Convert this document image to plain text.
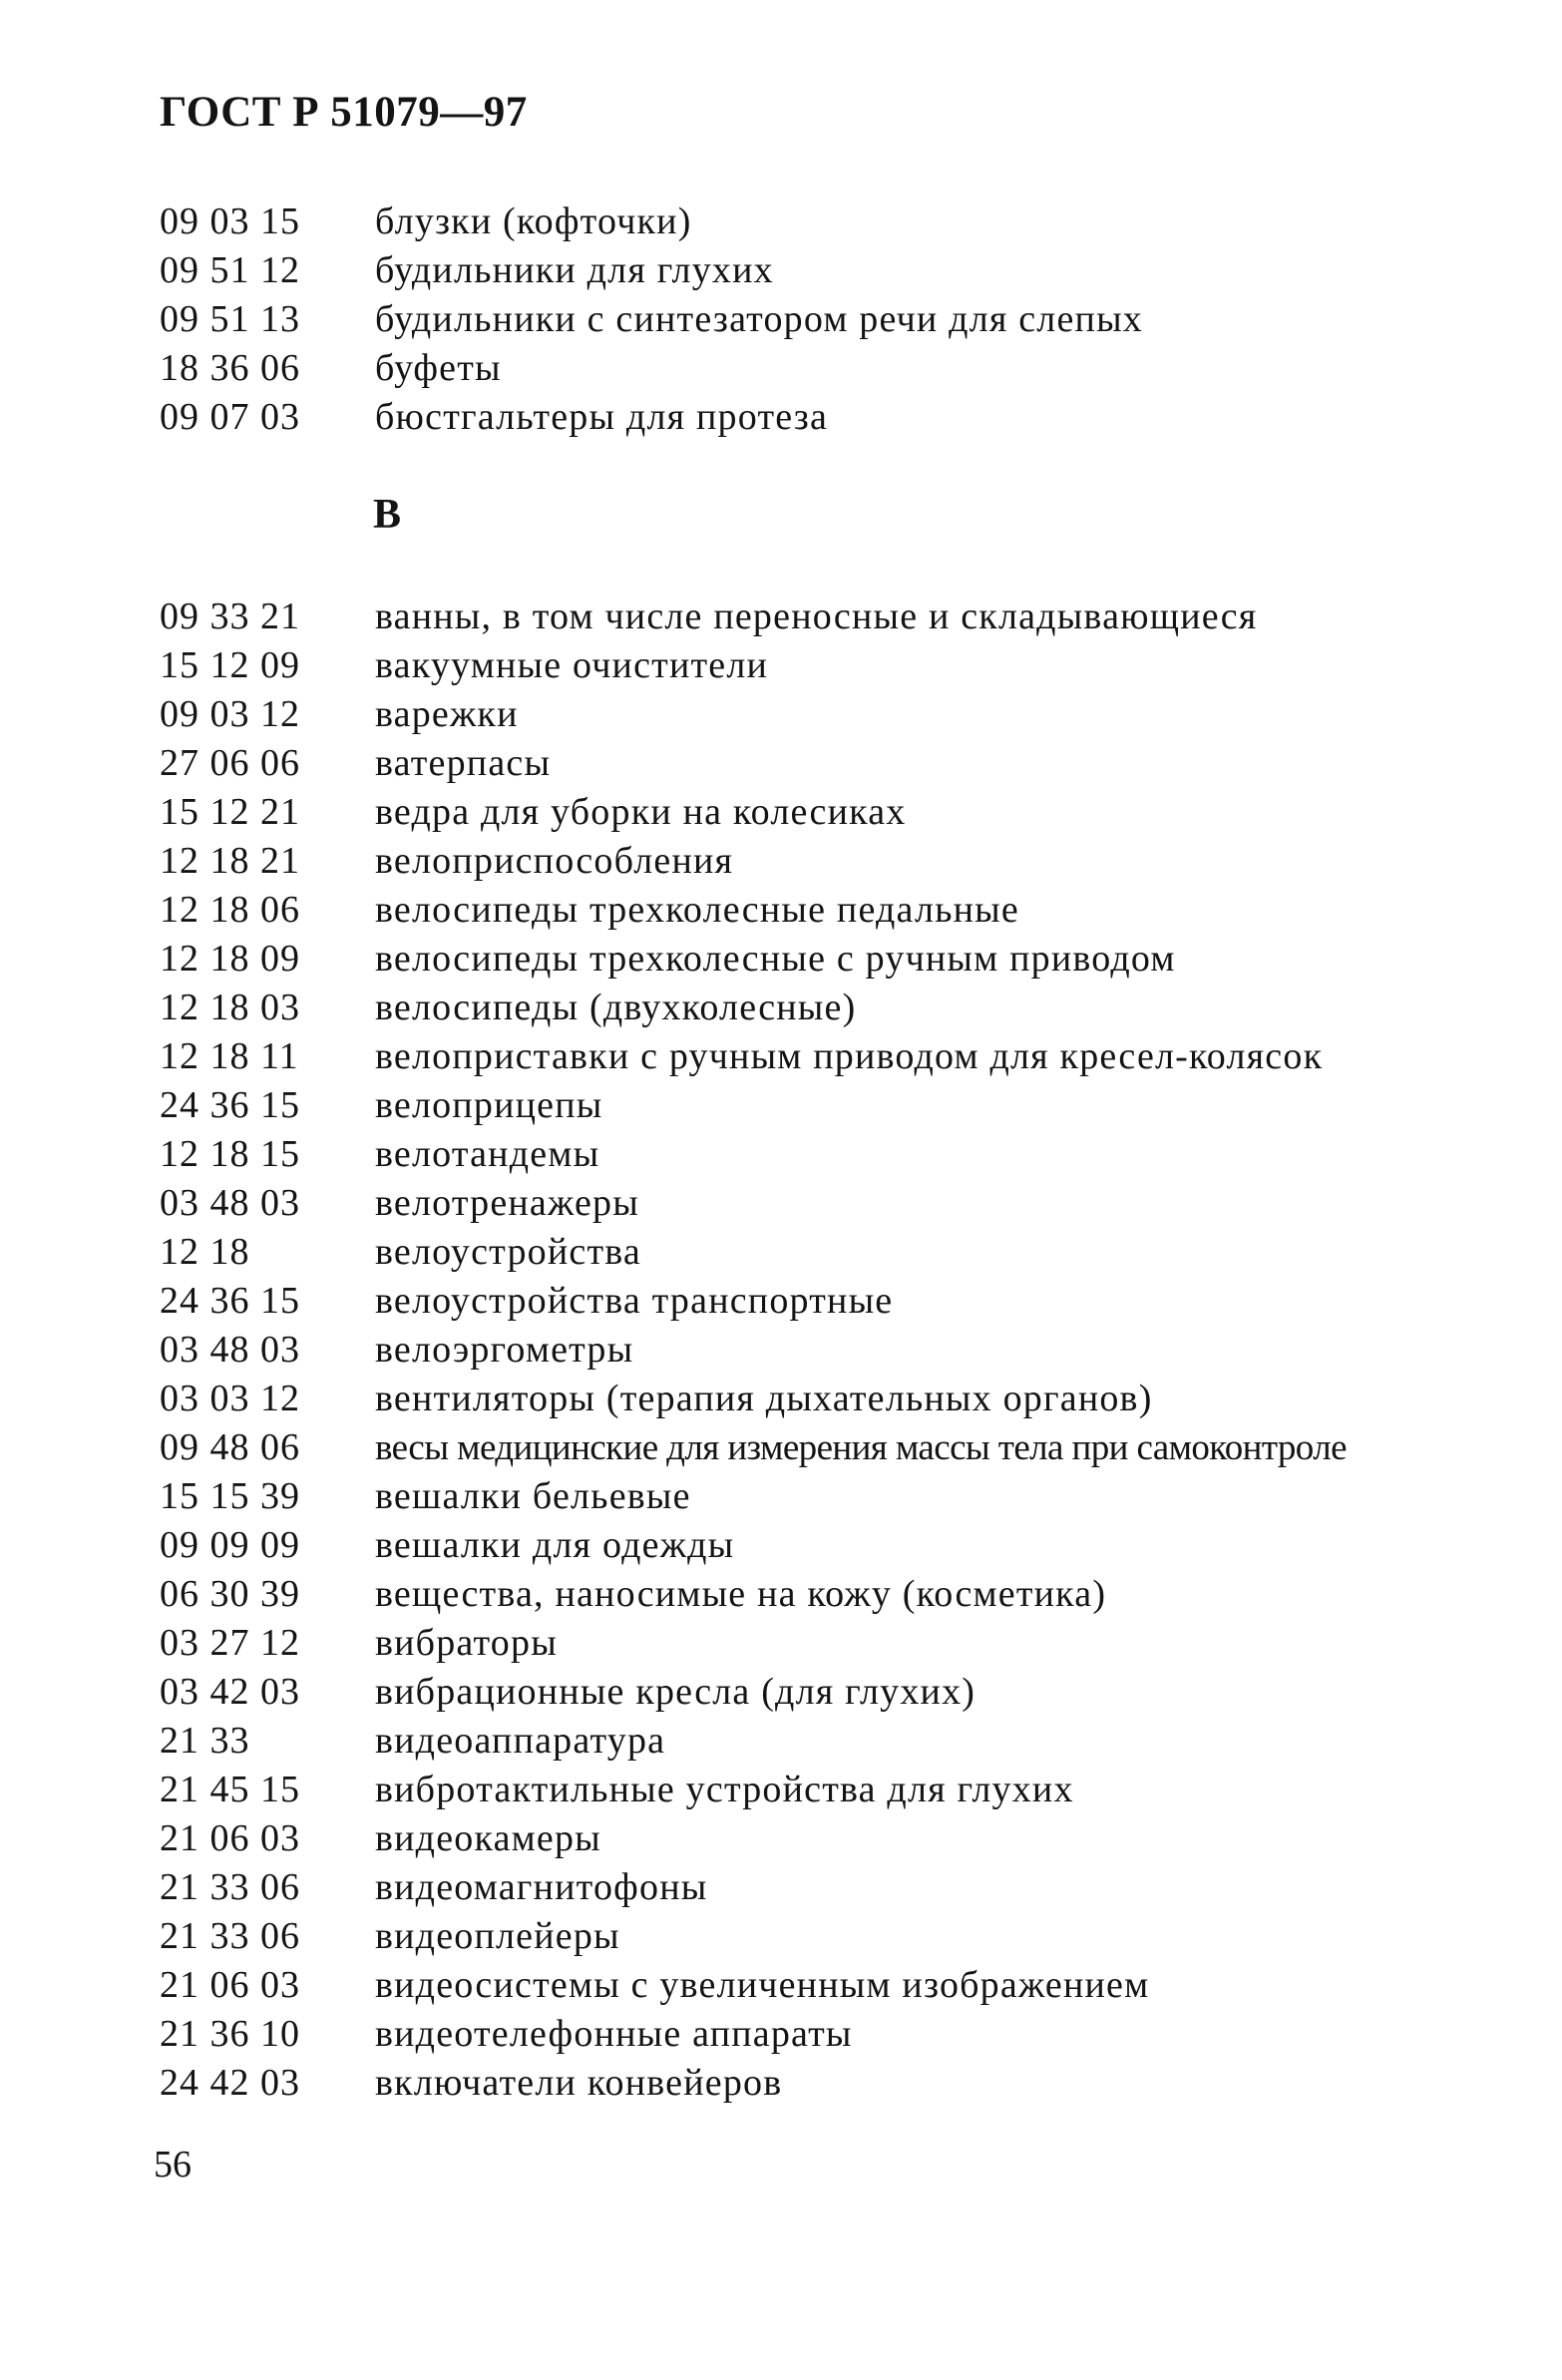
ГОСТ Р 51079—97
09 03 15	блузки (кофточки)
09 51 12	будильники для глухих
09 51 13	будильники с синтезатором речи для слепых
18 36 06	буфеты
09 07 03	бюстгальтеры для протеза
В
09 33 21	ванны, в том числе переносные и складывающиеся
15 12 09	вакуумные очистители
09 03 12	варежки
27 06 06	ватерпасы
15 12 21	ведра для уборки на колесиках
12 18 21	велоприспособления
12 18 06	велосипеды трехколесные педальные
12 18 09	велосипеды трехколесные с ручным приводом
12 18 03	велосипеды (двухколесные)
12 18 11	велоприставки с ручным приводом для кресел-колясок
24 36 15	велоприцепы
12 18 15	велотандемы
03 48 03	велотренажеры
12 18	велоустройства
24 36 15	велоустройства транспортные
03 48 03	велоэргометры
03 03 12	вентиляторы (терапия дыхательных органов)
09 48 06	весы медицинские для измерения массы тела при самоконтроле
15 15 39	вешалки бельевые
09 09 09	вешалки для одежды
06 30 39	вещества, наносимые на кожу (косметика)
03 27 12	вибраторы
03 42 03	вибрационные кресла (для глухих)
21 33	видеоаппаратура
21 45 15	вибротактильные устройства для глухих
21 06 03	видеокамеры
21 33 06	видеомагнитофоны
21 33 06	видеоплейеры
21 06 03	видеосистемы с увеличенным изображением
21 36 10	видеотелефонные аппараты
24 42 03	включатели конвейеров
56
